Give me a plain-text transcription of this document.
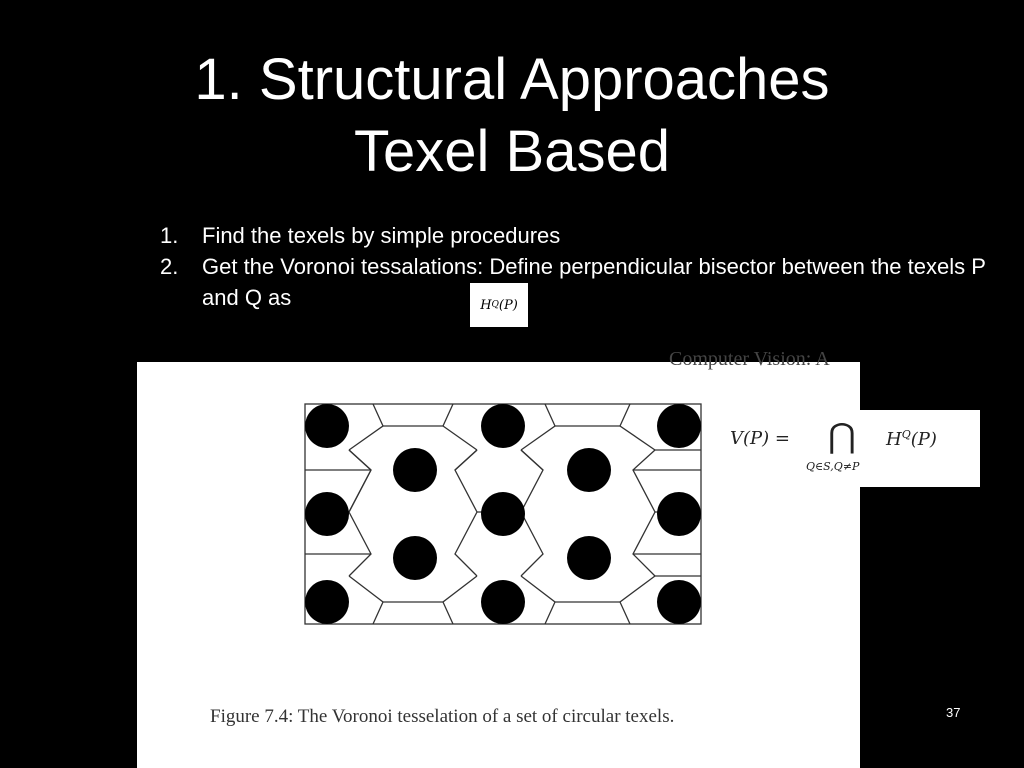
1. Structural Approaches
Texel Based
1.	Find the texels by simple procedures
2.	Get the Voronoi tessalations: Define perpendicular bisector between the texels P and Q as	H Q (P)
Computer Vision: A
Figure 7.4: The Voronoi tesselation of a set of circular texels.
V(P) = ⋂
Q∈S,Q≠P
$H^Q(P)$
37
